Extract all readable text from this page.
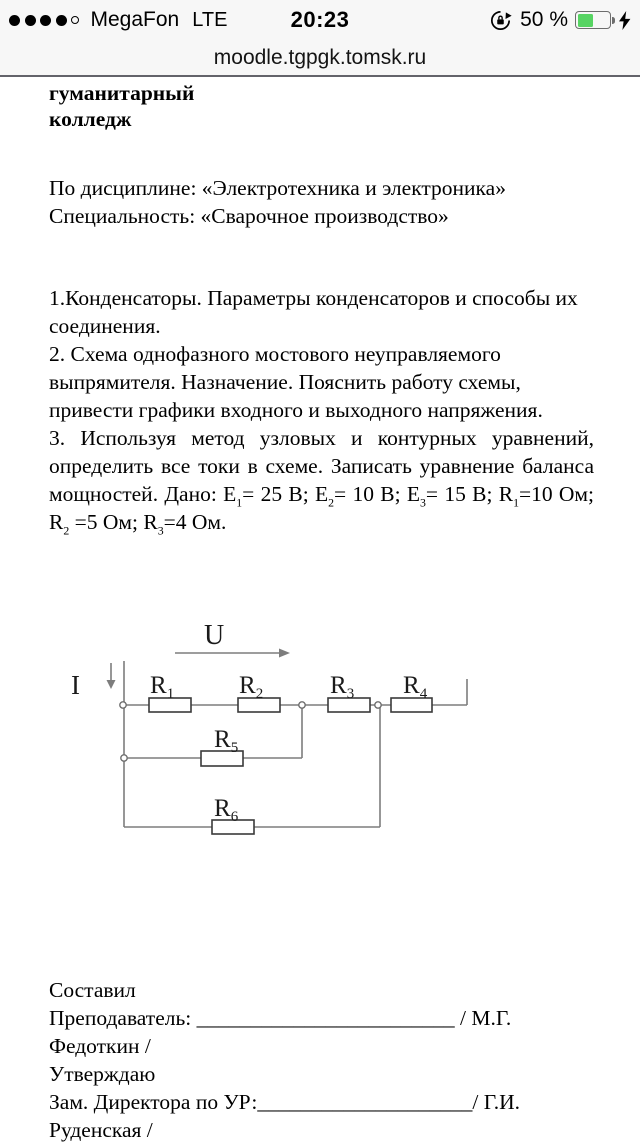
MegaFon LTE	20:23	50 %
moodle.tgpgk.tomsk.ru
гуманитарный
колледж
По дисциплине: «Электротехника и электроника»
Специальность: «Сварочное производство»

1.Конденсаторы. Параметры конденсаторов и способы их соединения.

2. Схема однофазного мостового неуправляемого выпрямителя. Назначение. Пояснить работу схемы, привести графики входного и выходного напряжения.

3. Используя метод узловых и контурных уравнений, определить все токи в схеме. Записать уравнение баланса мощностей. Дано: $E_1= 25$ В; $E_2= 10$ В; $E_3= 15$ В; $R_1=10$ Ом; $R_2 =5$ Ом; $R_3=4$ Ом.

U
I	$R_1$	$R_2$	$R_3$ $R_4$
$R_5$
$R_6$
Составил
Преподаватель: ________________________ / М.Г.
Федоткин /
Утверждаю
Зам. Директора по УР:____________________/ Г.И.
Руденская /
